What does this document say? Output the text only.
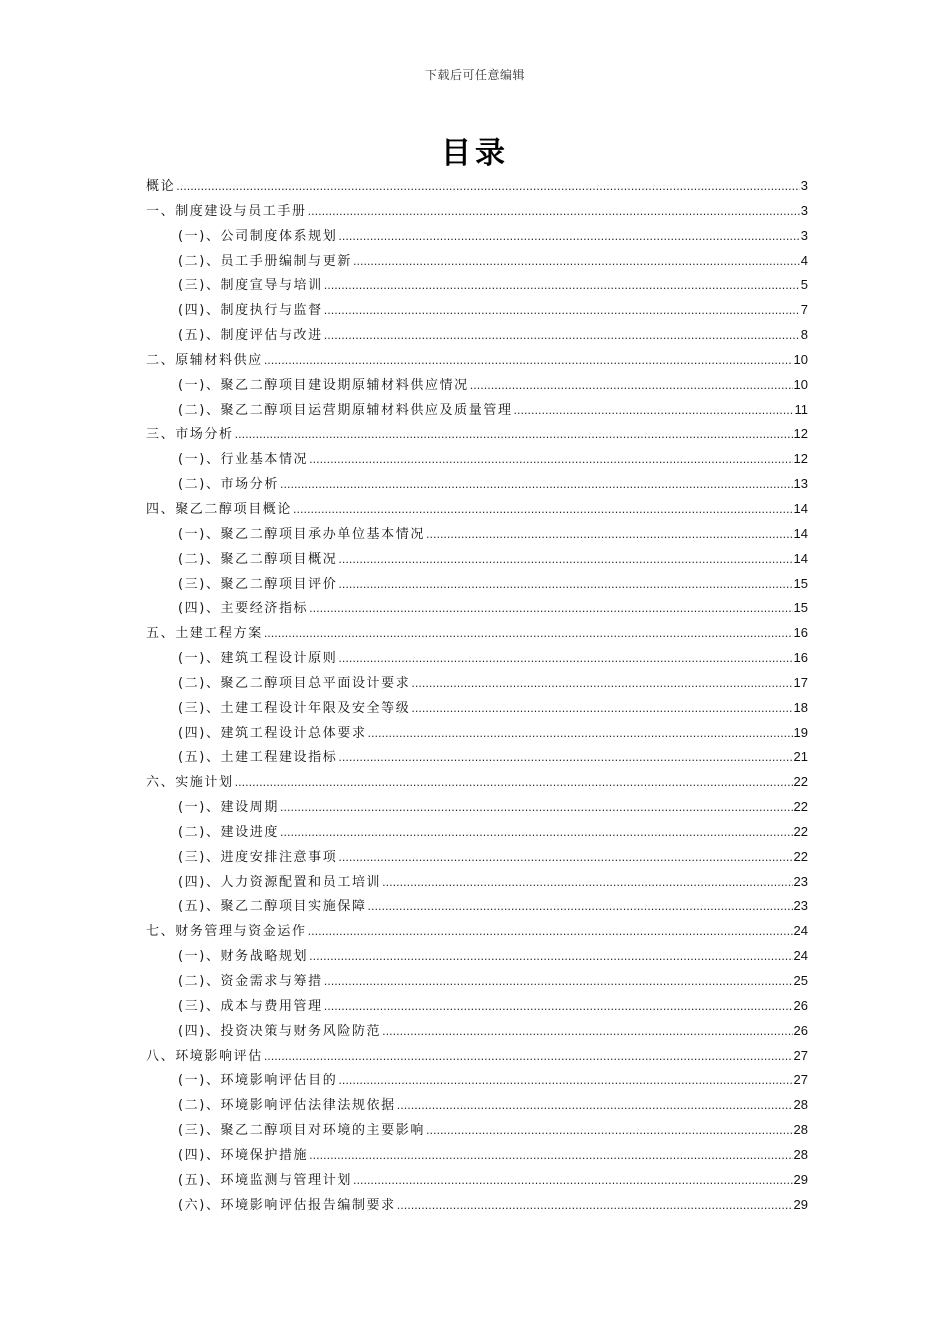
下载后可任意编辑
目录
概论 .....	3
一、制度建设与员工手册 .....	3
(一)、公司制度体系规划 .....	3
(二)、员工手册编制与更新 .....	4
(三)、制度宣导与培训 .....	5
(四)、制度执行与监督 .....	7
(五)、制度评估与改进 .....	8
二、原辅材料供应 .....	10
(一)、聚乙二醇项目建设期原辅材料供应情况 .....	10
(二)、聚乙二醇项目运营期原辅材料供应及质量管理 .....	11
三、市场分析 .....	12
(一)、行业基本情况 .....	12
(二)、市场分析 .....	13
四、聚乙二醇项目概论 .....	14
(一)、聚乙二醇项目承办单位基本情况 .....	14
(二)、聚乙二醇项目概况 .....	14
(三)、聚乙二醇项目评价 .....	15
(四)、主要经济指标 .....	15
五、土建工程方案 .....	16
(一)、建筑工程设计原则 .....	16
(二)、聚乙二醇项目总平面设计要求 .....	17
(三)、土建工程设计年限及安全等级 .....	18
(四)、建筑工程设计总体要求 .....	19
(五)、土建工程建设指标 .....	21
六、实施计划 .....	22
(一)、建设周期 .....	22
(二)、建设进度 .....	22
(三)、进度安排注意事项 .....	22
(四)、人力资源配置和员工培训 .....	23
(五)、聚乙二醇项目实施保障 .....	23
七、财务管理与资金运作 .....	24
(一)、财务战略规划 .....	24
(二)、资金需求与筹措 .....	25
(三)、成本与费用管理 .....	26
(四)、投资决策与财务风险防范 .....	26
八、环境影响评估 .....	27
(一)、环境影响评估目的 .....	27
(二)、环境影响评估法律法规依据 .....	28
(三)、聚乙二醇项目对环境的主要影响 .....	28
(四)、环境保护措施 .....	28
(五)、环境监测与管理计划 .....	29
(六)、环境影响评估报告编制要求 .....	29
